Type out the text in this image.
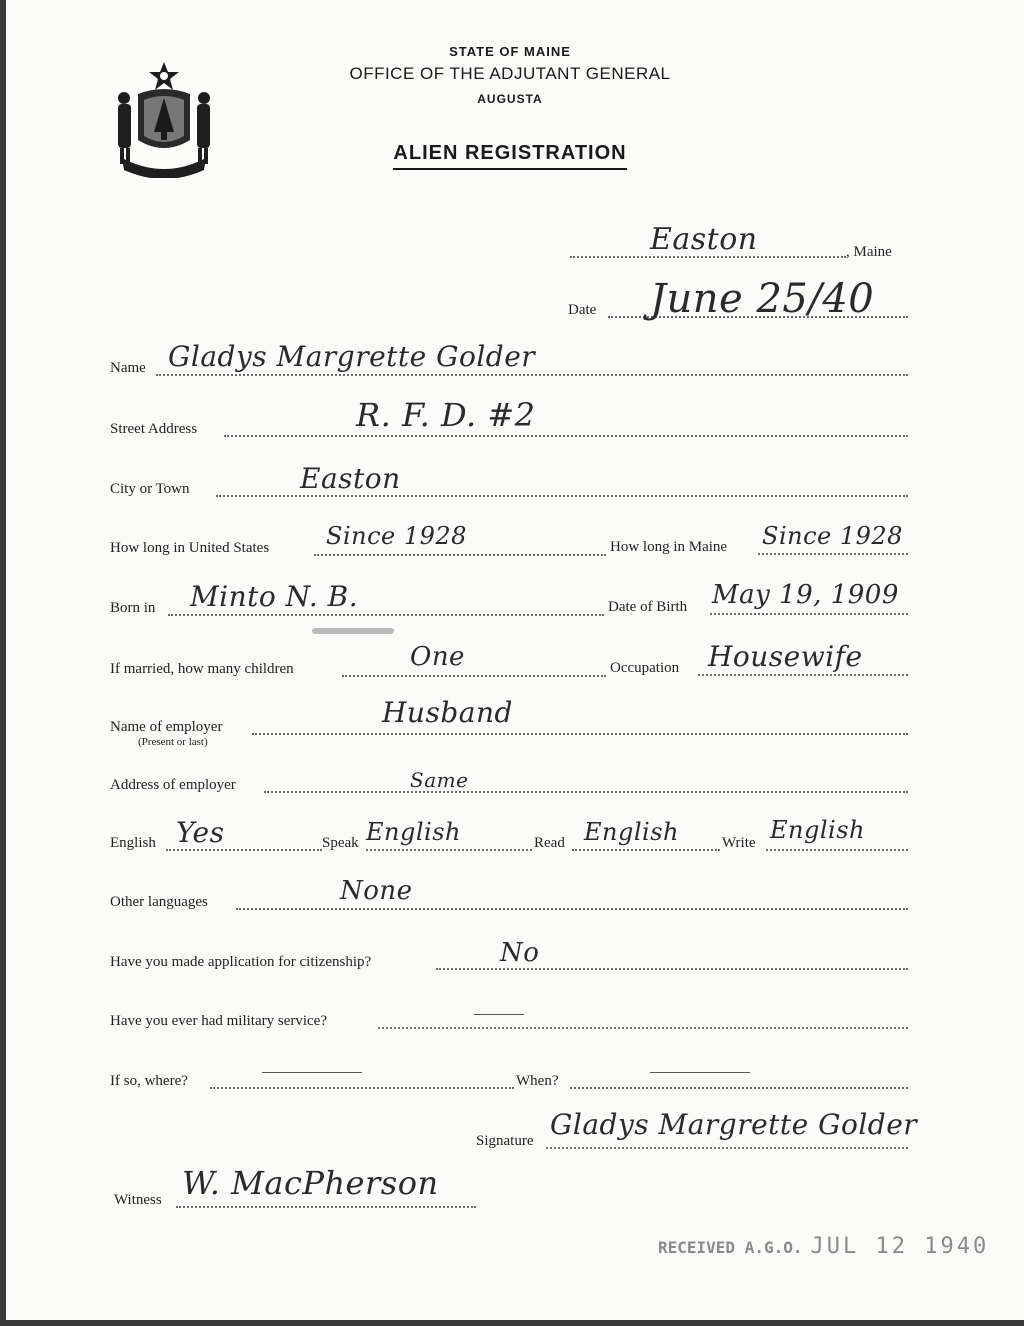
MAINE
STATE OF MAINE
OFFICE OF THE ADJUTANT GENERAL
AUGUSTA
ALIEN REGISTRATION
Easton	, Maine
Date June 25/40
Name Gladys Margrette Golder
Street Address	R. F. D. #2
City or Town	Easton
How long in United States Since 1928	How long in Maine Since 1928
Born in Minto N. B.	Date of Birth May 19, 1909
If married, how many children	One	Occupation Housewife
Name of employer
(Present or last)
Husband
Address of employer	Same
English Yes	Speak English	Read English	Write English
Other languages	None
Have you made application for citizenship?	No
Have you ever had military service?
If so, where?	When?
Signature Gladys Margrette Golder
Witness W. MacPherson
RECEIVED A.G.O. JUL 12 1940
